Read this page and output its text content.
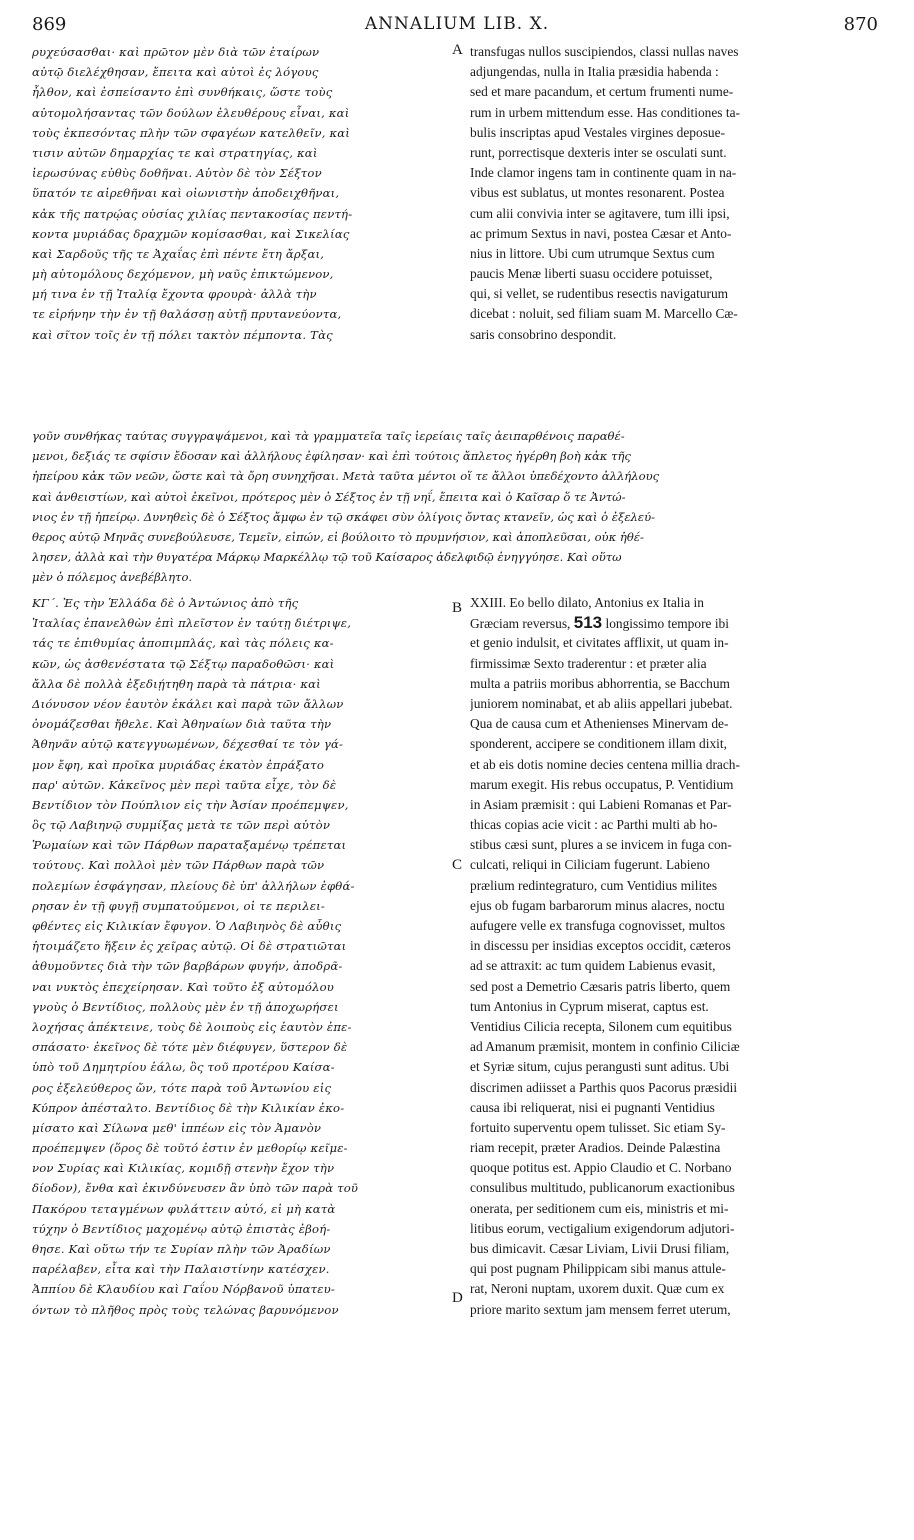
869	ANNALIUM LIB. X.	870
ρυχεύσασθαι· καὶ πρῶτον μὲν διὰ τῶν ἑταίρων
αὐτῷ διελέχθησαν, ἔπειτα καὶ αὐτοὶ ἐς λόγους
ἦλθον, καὶ ἐσπείσαντο ἐπὶ συνθήκαις, ὥστε τοὺς
αὐτομολήσαντας τῶν δούλων ἐλευθέρους εἶναι, καὶ
τοὺς ἐκπεσόντας πλὴν τῶν σφαγέων κατελθεῖν, καὶ
τισιν αὐτῶν δημαρχίας τε καὶ στρατηγίας, καὶ
ἱερωσύνας εὐθὺς δοθῆναι. Αὐτὸν δὲ τὸν Σέξτον
ὕπατόν τε αἱρεθῆναι καὶ οἰωνιστὴν ἀποδειχθῆναι,
κἀκ τῆς πατρῴας οὐσίας χιλίας πεντακοσίας πεντή-
κοντα μυριάδας δραχμῶν κομίσασθαι, καὶ Σικελίας
καὶ Σαρδοῦς τῆς τε Ἀχαΐας ἐπὶ πέντε ἔτη ἄρξαι,
μὴ αὐτομόλους δεχόμενον, μὴ ναῦς ἐπικτώμενον,
μή τινα ἐν τῇ Ἰταλίᾳ ἔχοντα φρουρὰ· ἀλλὰ τὴν
τε εἰρήνην τὴν ἐν τῇ θαλάσσῃ αὐτῇ πρυτανεύοντα,
καὶ σῖτον τοῖς ἐν τῇ πόλει τακτὸν πέμποντα. Τὰς
transfugas nullos suscipiendos, classi nullas naves
adjungendas, nulla in Italia præsidia habenda :
sed et mare pacandum, et certum frumenti nume-
rum in urbem mittendum esse. Has conditiones ta-
bulis inscriptas apud Vestales virgines deposue-
runt, porrectisque dexteris inter se osculati sunt.
Inde clamor ingens tam in continente quam in na-
vibus est sublatus, ut montes resonarent. Postea
cum alii convivia inter se agitavere, tum illi ipsi,
ac primum Sextus in navi, postea Cæsar et Anto-
nius in littore. Ubi cum utrumque Sextus cum
paucis Menæ liberti suasu occidere potuisset,
qui, si vellet, se rudentibus resectis navigaturum
dicebat : noluit, sed filiam suam M. Marcello Cæ-
saris consobrino despondit.
γοῦν συνθήκας ταύτας συγγραψάμενοι, καὶ τὰ γραμματεῖα ταῖς ἱερείαις ταῖς ἀειπαρθένοις παραθέ-
μενοι, δεξιάς τε σφίσιν ἔδοσαν καὶ ἀλλήλους ἐφίλησαν· καὶ ἐπὶ τούτοις ἄπλετος ἠγέρθη βοὴ κἀκ τῆς
ἠπείρου κἀκ τῶν νεῶν, ὥστε καὶ τὰ ὄρη συνηχῆσαι. Μετὰ ταῦτα μέντοι οἵ τε ἄλλοι ὑπεδέχοντο ἀλλήλους
καὶ ἀνθειστίων, καὶ αὐτοὶ ἐκεῖνοι, πρότερος μὲν ὁ Σέξτος ἐν τῇ νηΐ, ἔπειτα καὶ ὁ Καῖσαρ ὅ τε Ἀντώ-
νιος ἐν τῇ ἠπείρῳ. Δυνηθεὶς δὲ ὁ Σέξτος ἄμφω ἐν τῷ σκάφει σὺν ὀλίγοις ὄντας κτανεῖν, ὡς καὶ ὁ ἐξελεύ-
θερος αὐτῷ Μηνᾶς συνεβούλευσε, Τεμεῖν, εἰπών, εἰ βούλοιτο τὸ πρυμνήσιον, καὶ ἀποπλεῦσαι, οὐκ ἠθέ-
λησεν, ἀλλὰ καὶ τὴν θυγατέρα Μάρκῳ Μαρκέλλῳ τῷ τοῦ Καίσαρος ἀδελφιδῷ ἐνηγγύησε. Καὶ οὕτω
μὲν ὁ πόλεμος ἀνεβέβλητο.
ΚΓ΄. Ἐς τὴν Ἑλλάδα δὲ ὁ Ἀντώνιος ἀπὸ τῆς
Ἰταλίας ἐπανελθὼν ἐπὶ πλεῖστον ἐν ταύτῃ διέτριψε,
τάς τε ἐπιθυμίας ἀποπιμπλάς, καὶ τὰς πόλεις κα-
κῶν, ὡς ἀσθενέστατα τῷ Σέξτῳ παραδοθῶσι· καὶ
ἄλλα δὲ πολλὰ ἐξεδιῄτηθη παρὰ τὰ πάτρια· καὶ
Διόνυσον νέον ἑαυτὸν ἐκάλει καὶ παρὰ τῶν ἄλλων
ὀνομάζεσθαι ἤθελε. Καὶ Ἀθηναίων διὰ ταῦτα τὴν
Ἀθηνᾶν αὐτῷ κατεγγυωμένων, δέχεσθαί τε τὸν γά-
μον ἔφη, καὶ προῖκα μυριάδας ἑκατὸν ἐπράξατο
παρ' αὐτῶν. Κἀκεῖνος μὲν περὶ ταῦτα εἶχε, τὸν δὲ
Βεντίδιον τὸν Πούπλιον εἰς τὴν Ἀσίαν προέπεμψεν,
ὃς τῷ Λαβιηνῷ συμμίξας μετὰ τε τῶν περὶ αὐτὸν
Ῥωμαίων καὶ τῶν Πάρθων παραταξαμένῳ τρέπεται
τούτους. Καὶ πολλοὶ μὲν τῶν Πάρθων παρὰ τῶν
πολεμίων ἐσφάγησαν, πλείους δὲ ὑπ' ἀλλήλων ἐφθά-
ρησαν ἐν τῇ φυγῇ συμπατούμενοι, οἱ τε περιλει-
φθέντες εἰς Κιλικίαν ἔφυγον. Ὁ Λαβιηνὸς δὲ αὖθις
ἡτοιμάζετο ἥξειν ἐς χεῖρας αὐτῷ. Οἱ δὲ στρατιῶται
ἀθυμοῦντες διὰ τὴν τῶν βαρβάρων φυγήν, ἀποδρᾶ-
ναι νυκτὸς ἐπεχείρησαν. Καὶ τοῦτο ἐξ αὐτομόλου
γνοὺς ὁ Βεντίδιος, πολλοὺς μὲν ἐν τῇ ἀποχωρήσει
λοχήσας ἀπέκτεινε, τοὺς δὲ λοιποὺς εἰς ἑαυτὸν ἐπε-
σπάσατο· ἐκεῖνος δὲ τότε μὲν διέφυγεν, ὕστερον δὲ
ὑπὸ τοῦ Δημητρίου ἑάλω, ὃς τοῦ προτέρου Καίσα-
ρος ἐξελεύθερος ὤν, τότε παρὰ τοῦ Ἀντωνίου εἰς
Κύπρον ἀπέσταλτο. Βεντίδιος δὲ τὴν Κιλικίαν ἐκο-
μίσατο καὶ Σίλωνα μεθ' ἱππέων εἰς τὸν Ἀμανὸν
προέπεμψεν (ὅρος δὲ τοῦτό ἐστιν ἐν μεθορίῳ κεῖμε-
νον Συρίας καὶ Κιλικίας, κομιδῇ στενὴν ἔχον τὴν
δίοδον), ἔνθα καὶ ἐκινδύνευσεν ἂν ὑπὸ τῶν παρὰ τοῦ
Πακόρου τεταγμένων φυλάττειν αὐτό, εἰ μὴ κατὰ
τύχην ὁ Βεντίδιος μαχομένῳ αὐτῷ ἐπιστὰς ἐβοή-
θησε. Καὶ οὕτω τήν τε Συρίαν πλὴν τῶν Ἀραδίων
παρέλαβεν, εἶτα καὶ τὴν Παλαιστίνην κατέσχεν.
Ἀππίου δὲ Κλαυδίου καὶ Γαΐου Νόρβανοῦ ὑπατευ-
όντων τὸ πλῆθος πρὸς τοὺς τελώνας βαρυνόμενον
XXIII. Eo bello dilato, Antonius ex Italia in
Græciam reversus, 513 longissimo tempore ibi
et genio indulsit, et civitates afflixit, ut quam in-
firmissimæ Sexto traderentur : et præter alia
multa a patriis moribus abhorrentia, se Bacchum
juniorem nominabat, et ab aliis appellari jubebat.
Qua de causa cum et Athenienses Minervam de-
sponderent, accipere se conditionem illam dixit,
et ab eis dotis nomine decies centena millia drach-
marum exegit. His rebus occupatus, P. Ventidium
in Asiam præmisit : qui Labieni Romanas et Par-
thicas copias acie vicit : ac Parthi multi ab ho-
stibus cæsi sunt, plures a se invicem in fuga con-
culcati, reliqui in Ciliciam fugerunt. Labieno
prælium redintegraturo, cum Ventidius milites
ejus ob fugam barbarorum minus alacres, noctu
aufugere velle ex transfuga cognovisset, multos
in discessu per insidias exceptos occidit, cæteros
ad se attraxit: ac tum quidem Labienus evasit,
sed post a Demetrio Cæsaris patris liberto, quem
tum Antonius in Cyprum miserat, captus est.
Ventidius Cilicia recepta, Silonem cum equitibus
ad Amanum præmisit, montem in confinio Ciliciæ
et Syriæ situm, cujus perangusti sunt aditus. Ubi
discrimen adiisset a Parthis quos Pacorus præsidii
causa ibi reliquerat, nisi ei pugnanti Ventidius
fortuito superventu opem tulisset. Sic etiam Sy-
riam recepit, præter Aradios. Deinde Palæstina
quoque potitus est. Appio Claudio et C. Norbano
consulibus multitudo, publicanorum exactionibus
onerata, per seditionem cum eis, ministris et mi-
litibus eorum, vectigalium exigendorum adjutori-
bus dimicavit. Cæsar Liviam, Livii Drusi filiam,
qui post pugnam Philippicam sibi manus attule-
rat, Neroni nuptam, uxorem duxit. Quæ cum ex
priore marito sextum jam mensem ferret uterum,
A
B
C
D
